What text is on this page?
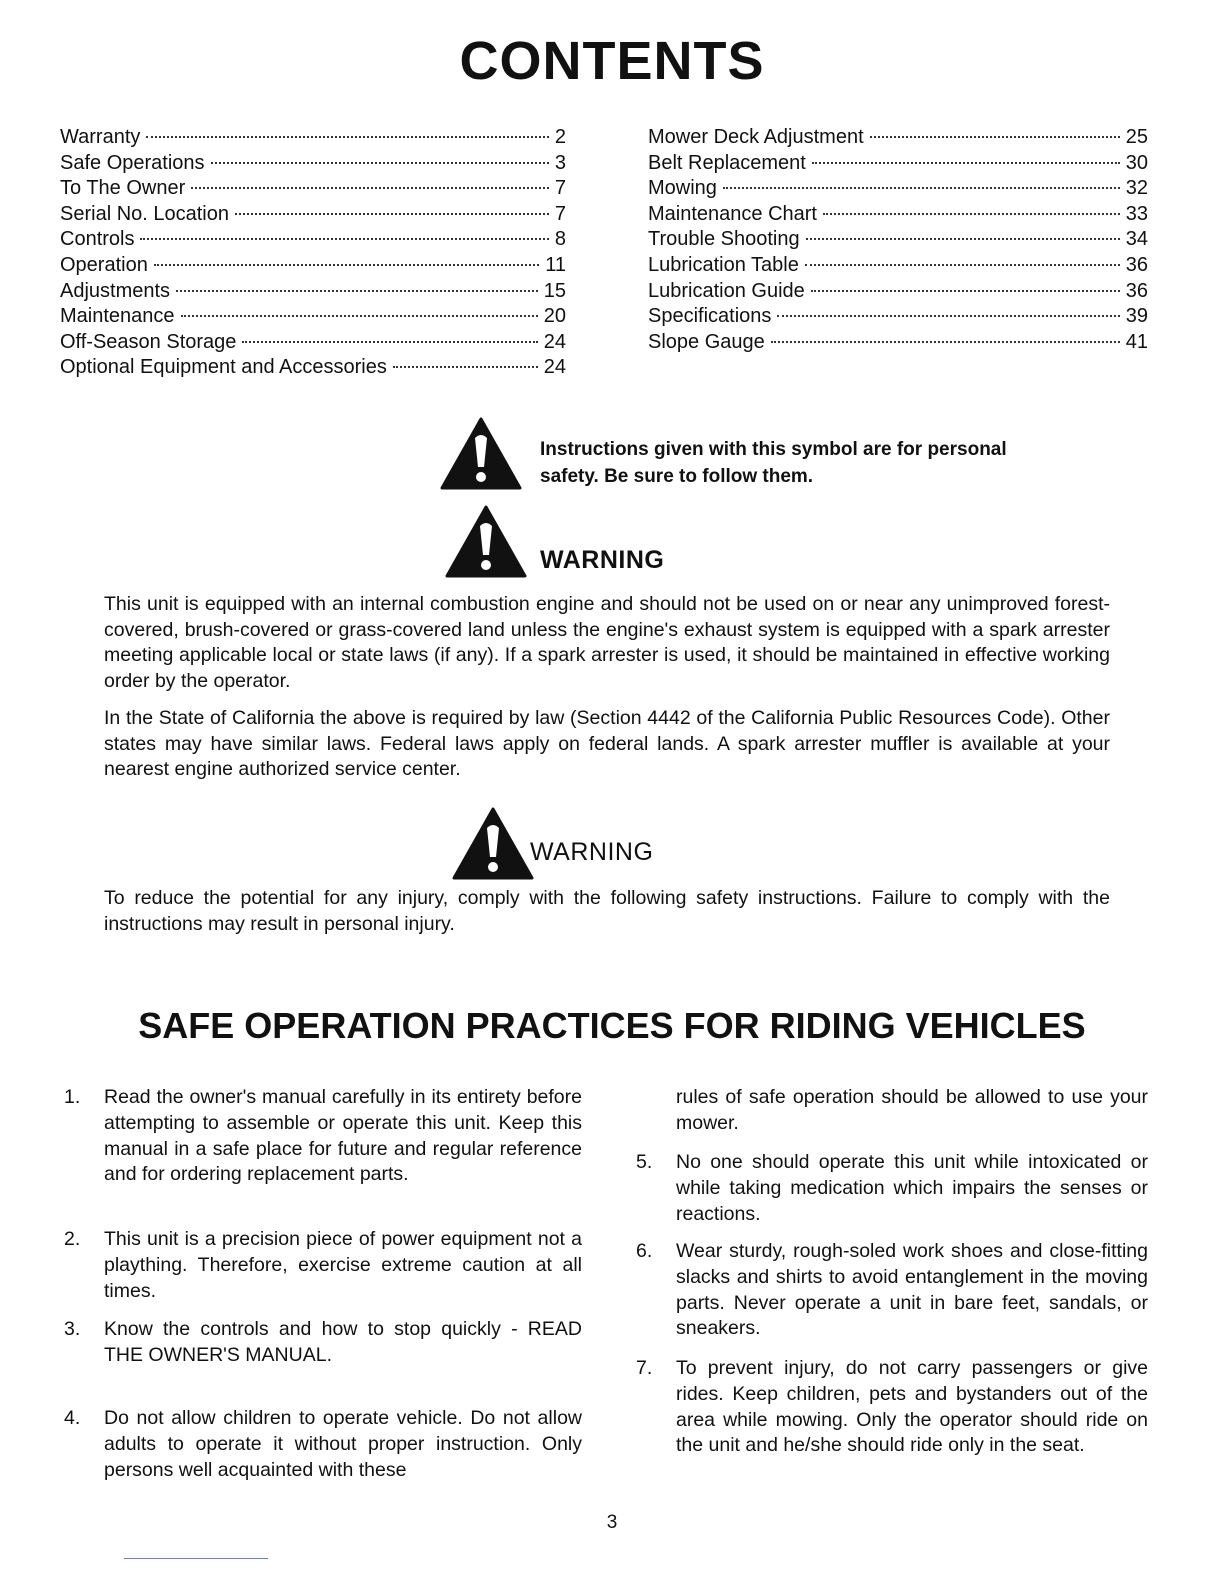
CONTENTS
Warranty	2
Safe Operations	3
To The Owner	7
Serial No. Location	7
Controls	8
Operation	11
Adjustments	15
Maintenance	20
Off-Season Storage	24
Optional Equipment and Accessories	24
Mower Deck Adjustment	25
Belt Replacement	30
Mowing	32
Maintenance Chart	33
Trouble Shooting	34
Lubrication Table	36
Lubrication Guide	36
Specifications	39
Slope Gauge	41
Instructions given with this symbol are for personal safety. Be sure to follow them.
WARNING
This unit is equipped with an internal combustion engine and should not be used on or near any unimproved forest-covered, brush-covered or grass-covered land unless the engine's exhaust system is equipped with a spark arrester meeting applicable local or state laws (if any). If a spark arrester is used, it should be maintained in effective working order by the operator.
In the State of California the above is required by law (Section 4442 of the California Public Resources Code). Other states may have similar laws. Federal laws apply on federal lands. A spark arrester muffler is available at your nearest engine authorized service center.
WARNING
To reduce the potential for any injury, comply with the following safety instructions. Failure to comply with the instructions may result in personal injury.
SAFE OPERATION PRACTICES FOR RIDING VEHICLES
1. Read the owner's manual carefully in its entirety before attempting to assemble or operate this unit. Keep this manual in a safe place for future and regular reference and for ordering replacement parts.
2. This unit is a precision piece of power equipment not a plaything. Therefore, exercise extreme caution at all times.
3. Know the controls and how to stop quickly - READ THE OWNER'S MANUAL.
4. Do not allow children to operate vehicle. Do not allow adults to operate it without proper instruction. Only persons well acquainted with these
rules of safe operation should be allowed to use your mower.
5. No one should operate this unit while intoxicated or while taking medication which impairs the senses or reactions.
6. Wear sturdy, rough-soled work shoes and close-fitting slacks and shirts to avoid entanglement in the moving parts. Never operate a unit in bare feet, sandals, or sneakers.
7. To prevent injury, do not carry passengers or give rides. Keep children, pets and bystanders out of the area while mowing. Only the operator should ride on the unit and he/she should ride only in the seat.
3
